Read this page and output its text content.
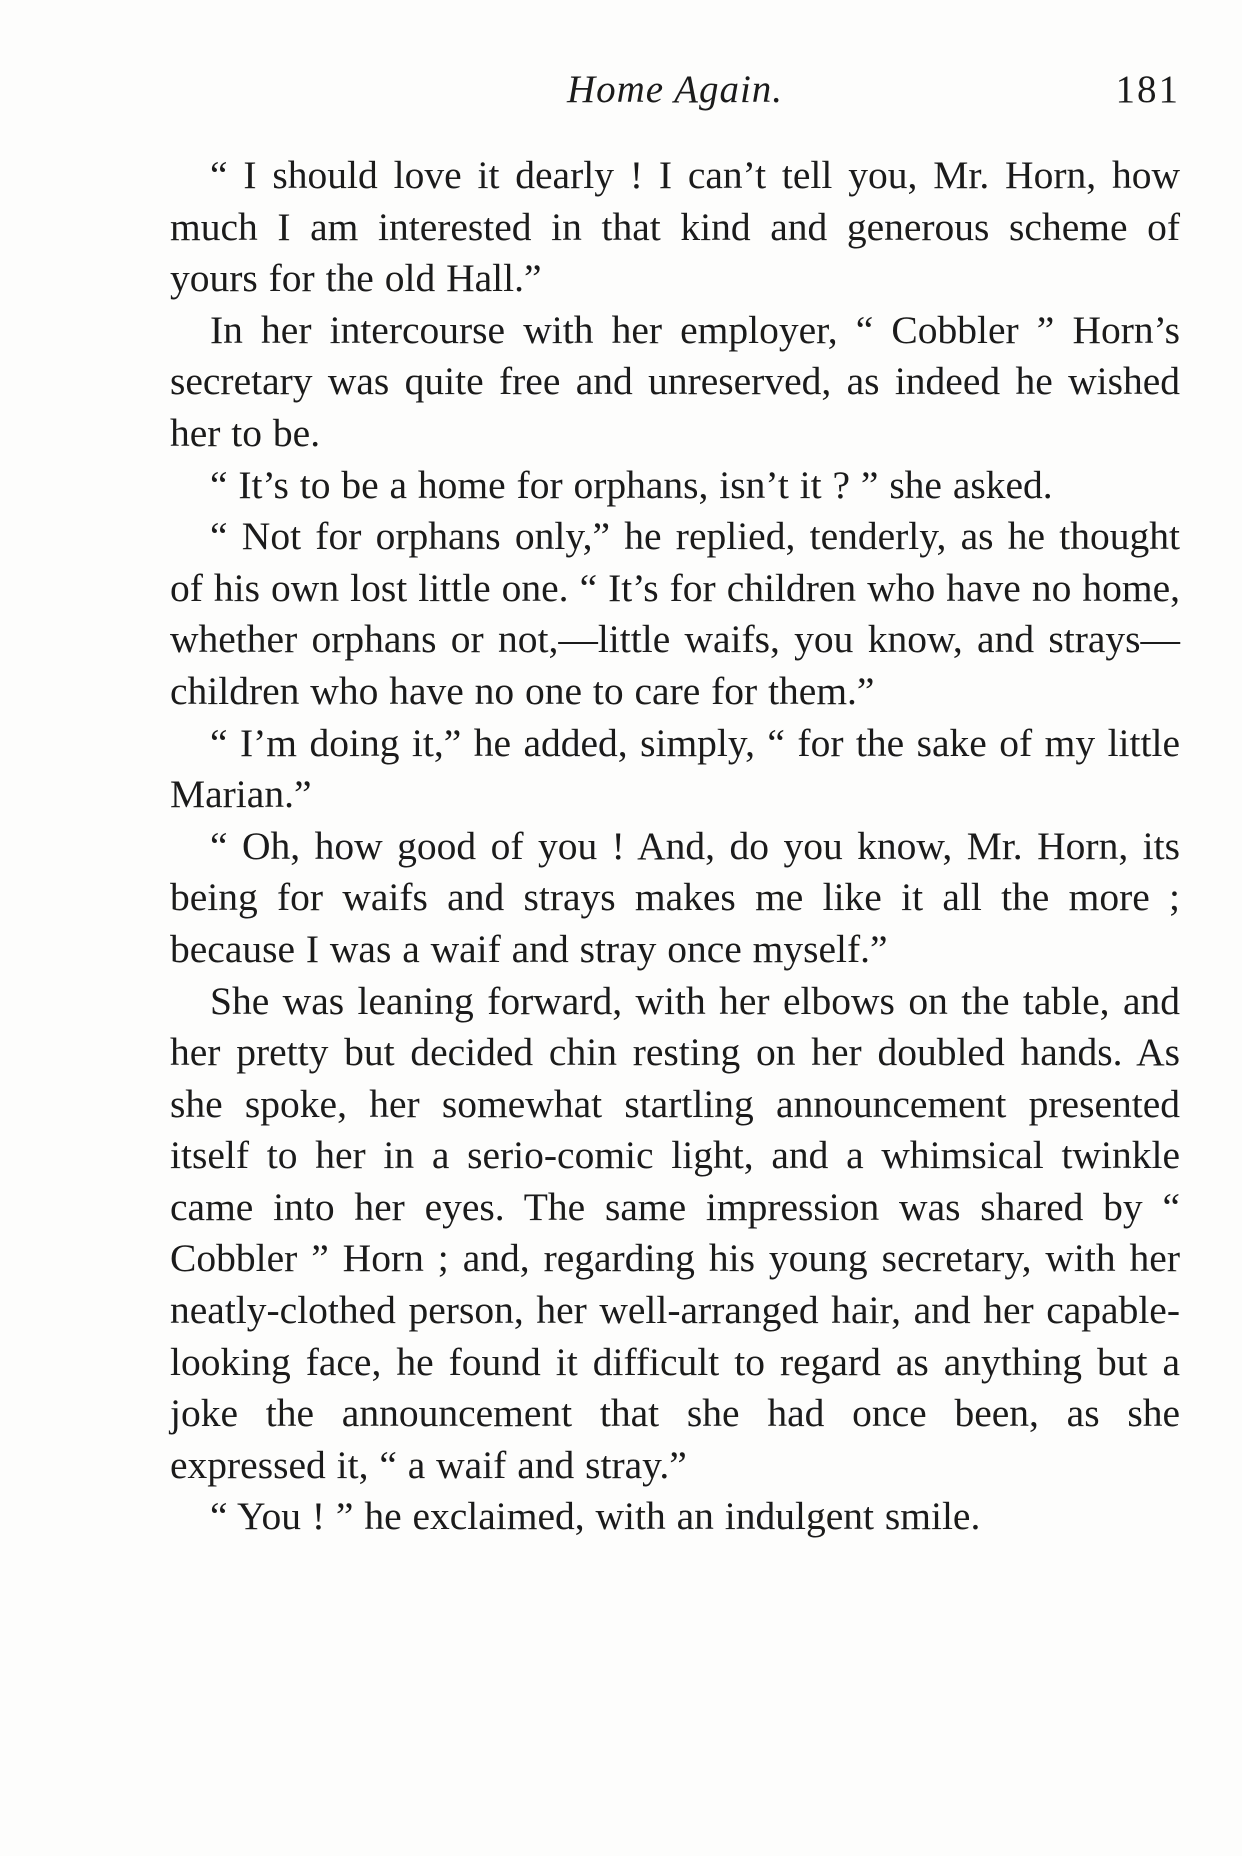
Home Again.	181

“ I should love it dearly ! I can’t tell you, Mr. Horn, how much I am interested in that kind and generous scheme of yours for the old Hall.”

In her intercourse with her employer, “ Cobbler ” Horn’s secretary was quite free and unreserved, as indeed he wished her to be.

“ It’s to be a home for orphans, isn’t it ? ” she asked.

“ Not for orphans only,” he replied, tenderly, as he thought of his own lost little one. “ It’s for children who have no home, whether orphans or not,—little waifs, you know, and strays—children who have no one to care for them.”

“ I’m doing it,” he added, simply, “ for the sake of my little Marian.”

“ Oh, how good of you ! And, do you know, Mr. Horn, its being for waifs and strays makes me like it all the more ; because I was a waif and stray once myself.”

She was leaning forward, with her elbows on the table, and her pretty but decided chin resting on her doubled hands. As she spoke, her somewhat startling announcement presented itself to her in a serio-comic light, and a whimsical twinkle came into her eyes. The same impression was shared by “ Cobbler ” Horn ; and, regarding his young secretary, with her neatly-clothed person, her well-arranged hair, and her capable-looking face, he found it difficult to regard as anything but a joke the announcement that she had once been, as she expressed it, “ a waif and stray.”

“ You ! ” he exclaimed, with an indulgent smile.
